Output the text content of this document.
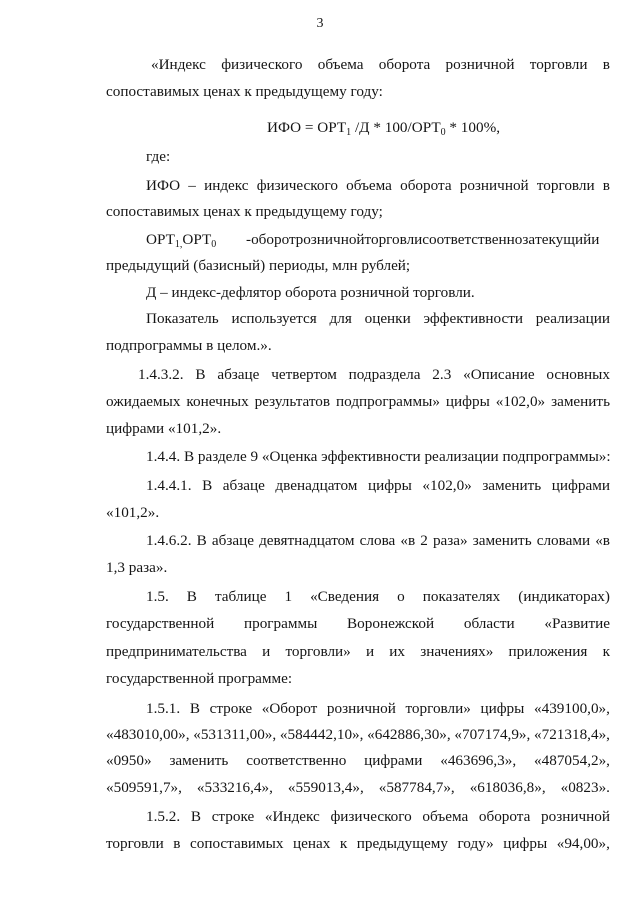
3
«Индекс физического объема оборота розничной торговли в
сопоставимых ценах к предыдущему году:
ИФО = $ОРТ_1$ $/Д * 100/ОРТ_0 * 100\%$,
где:
ИФО – индекс физического объема оборота розничной торговли в
сопоставимых ценах к предыдущему году;
$ОРТ_{1,}ОРТ_0$ -оборотрозничнойторговлисоответственнозатекущийи
предыдущий (базисный) периоды, млн рублей;
Д – индекс-дефлятор оборота розничной торговли.
Показатель используется для оценки эффективности реализации
подпрограммы в целом.».
1.4.3.2. В абзаце четвертом подраздела 2.3 «Описание основных
ожидаемых конечных результатов подпрограммы» цифры «102,0» заменить
цифрами «101,2».
1.4.4. В разделе 9 «Оценка эффективности реализации подпрограммы»:
1.4.4.1. В абзаце двенадцатом цифры «102,0» заменить цифрами
«101,2».
1.4.6.2. В абзаце девятнадцатом слова «в 2 раза» заменить словами «в
1,3 раза».
1.5. В таблице 1 «Сведения о показателях (индикаторах)
государственной программы Воронежской области «Развитие
предпринимательства и торговли» и их значениях» приложения к
государственной программе:
1.5.1. В строке «Оборот розничной торговли» цифры «439100,0»,
«483010,00», «531311,00», «584442,10», «642886,30», «707174,9», «721318,4»,
«0950» заменить соответственно цифрами «463696,3», «487054,2»,
«509591,7», «533216,4», «559013,4», «587784,7», «618036,8», «0823».
1.5.2. В строке «Индекс физического объема оборота розничной
торговли в сопоставимых ценах к предыдущему году» цифры «94,00»,
